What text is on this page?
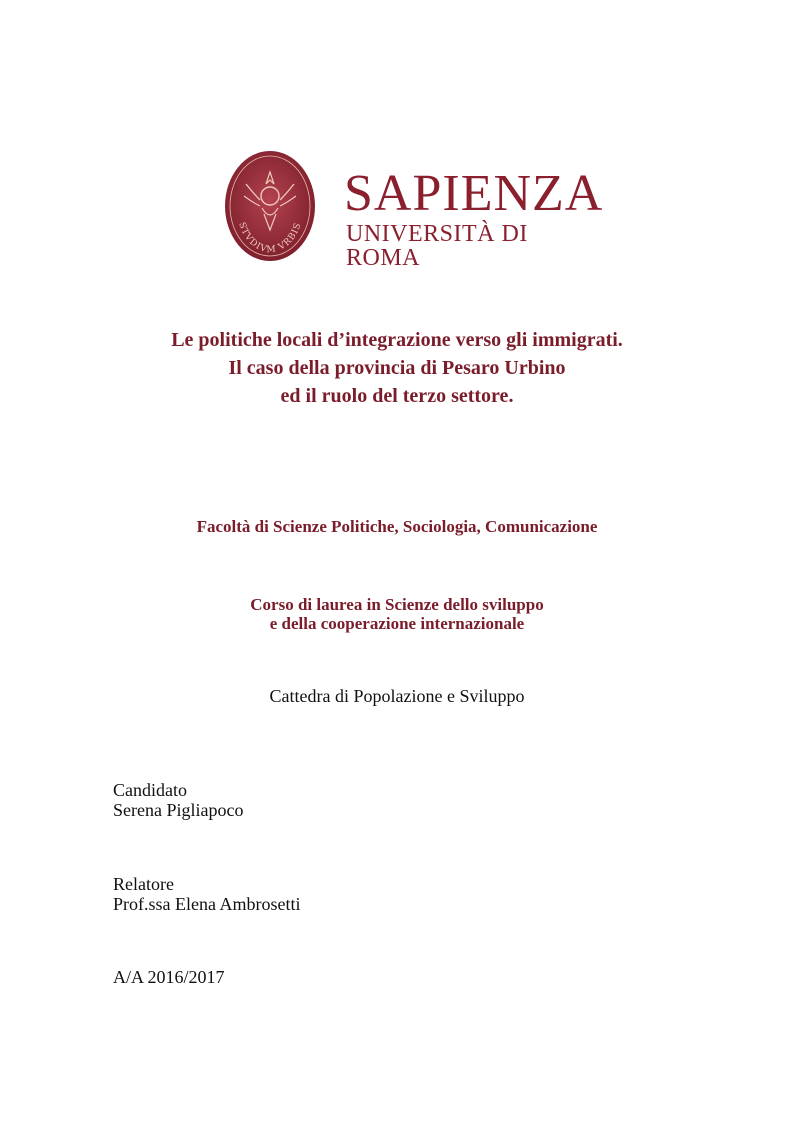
STVDIVM VRBIS
SAPIENZA
UNIVERSITÀ DI ROMA
Le politiche locali d’integrazione verso gli immigrati.
Il caso della provincia di Pesaro Urbino
ed il ruolo del terzo settore.
Facoltà di Scienze Politiche, Sociologia, Comunicazione
Corso di laurea in Scienze dello sviluppo
e della cooperazione internazionale
Cattedra di Popolazione e Sviluppo
Candidato
Serena Pigliapoco
Relatore
Prof.ssa Elena Ambrosetti
A/A 2016/2017
